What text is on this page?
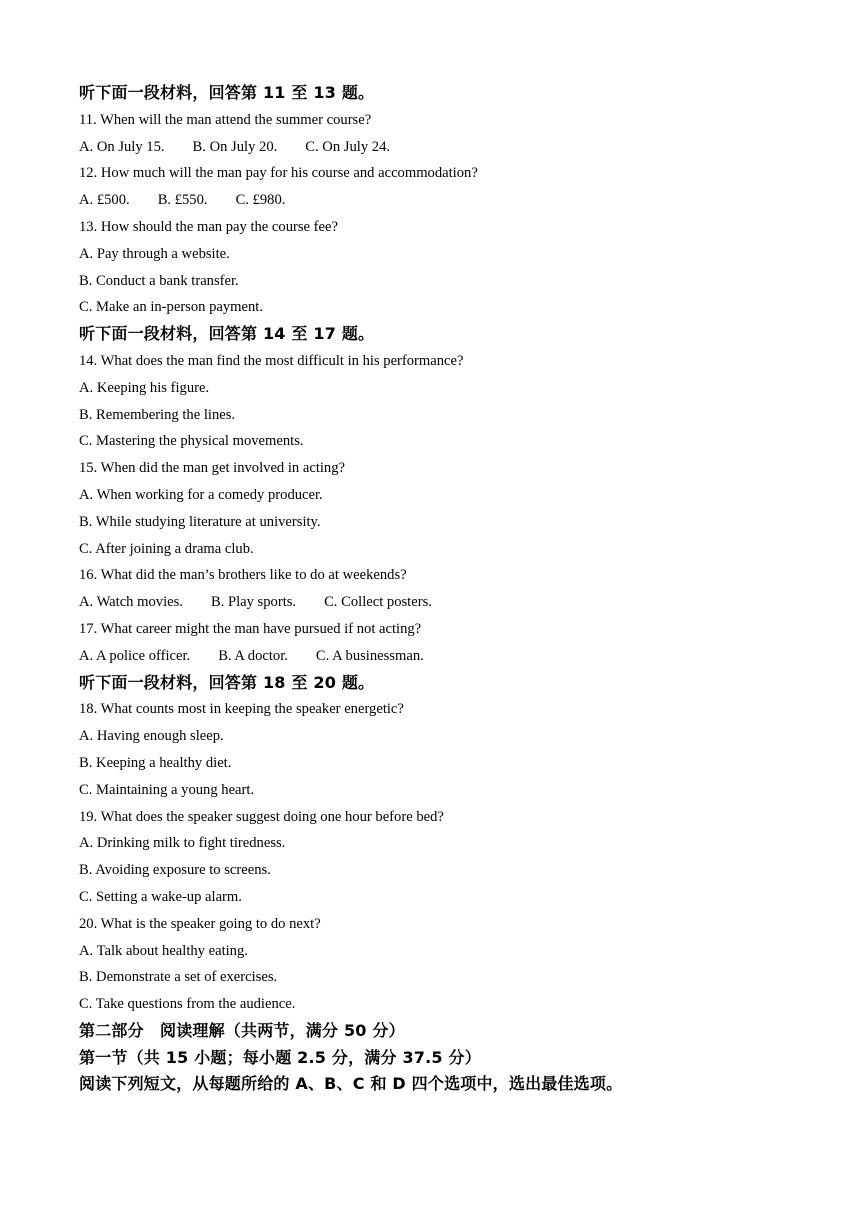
听下面一段材料，回答第 11 至 13 题。
11. When will the man attend the summer course?
A. On July 15. B. On July 20. C. On July 24.
12. How much will the man pay for his course and accommodation?
A. £500. B. £550. C. £980.
13. How should the man pay the course fee?
A. Pay through a website.
B. Conduct a bank transfer.
C. Make an in-person payment.
听下面一段材料，回答第 14 至 17 题。
14. What does the man find the most difficult in his performance?
A. Keeping his figure.
B. Remembering the lines.
C. Mastering the physical movements.
15. When did the man get involved in acting?
A. When working for a comedy producer.
B. While studying literature at university.
C. After joining a drama club.
16. What did the man’s brothers like to do at weekends?
A. Watch movies. B. Play sports. C. Collect posters.
17. What career might the man have pursued if not acting?
A. A police officer. B. A doctor. C. A businessman.
听下面一段材料，回答第 18 至 20 题。
18. What counts most in keeping the speaker energetic?
A. Having enough sleep.
B. Keeping a healthy diet.
C. Maintaining a young heart.
19. What does the speaker suggest doing one hour before bed?
A. Drinking milk to fight tiredness.
B. Avoiding exposure to screens.
C. Setting a wake-up alarm.
20. What is the speaker going to do next?
A. Talk about healthy eating.
B. Demonstrate a set of exercises.
C. Take questions from the audience.
第二部分　阅读理解（共两节，满分 50 分）
第一节（共 15 小题；每小题 2.5 分，满分 37.5 分）
阅读下列短文，从每题所给的 A、B、C 和 D 四个选项中，选出最佳选项。
